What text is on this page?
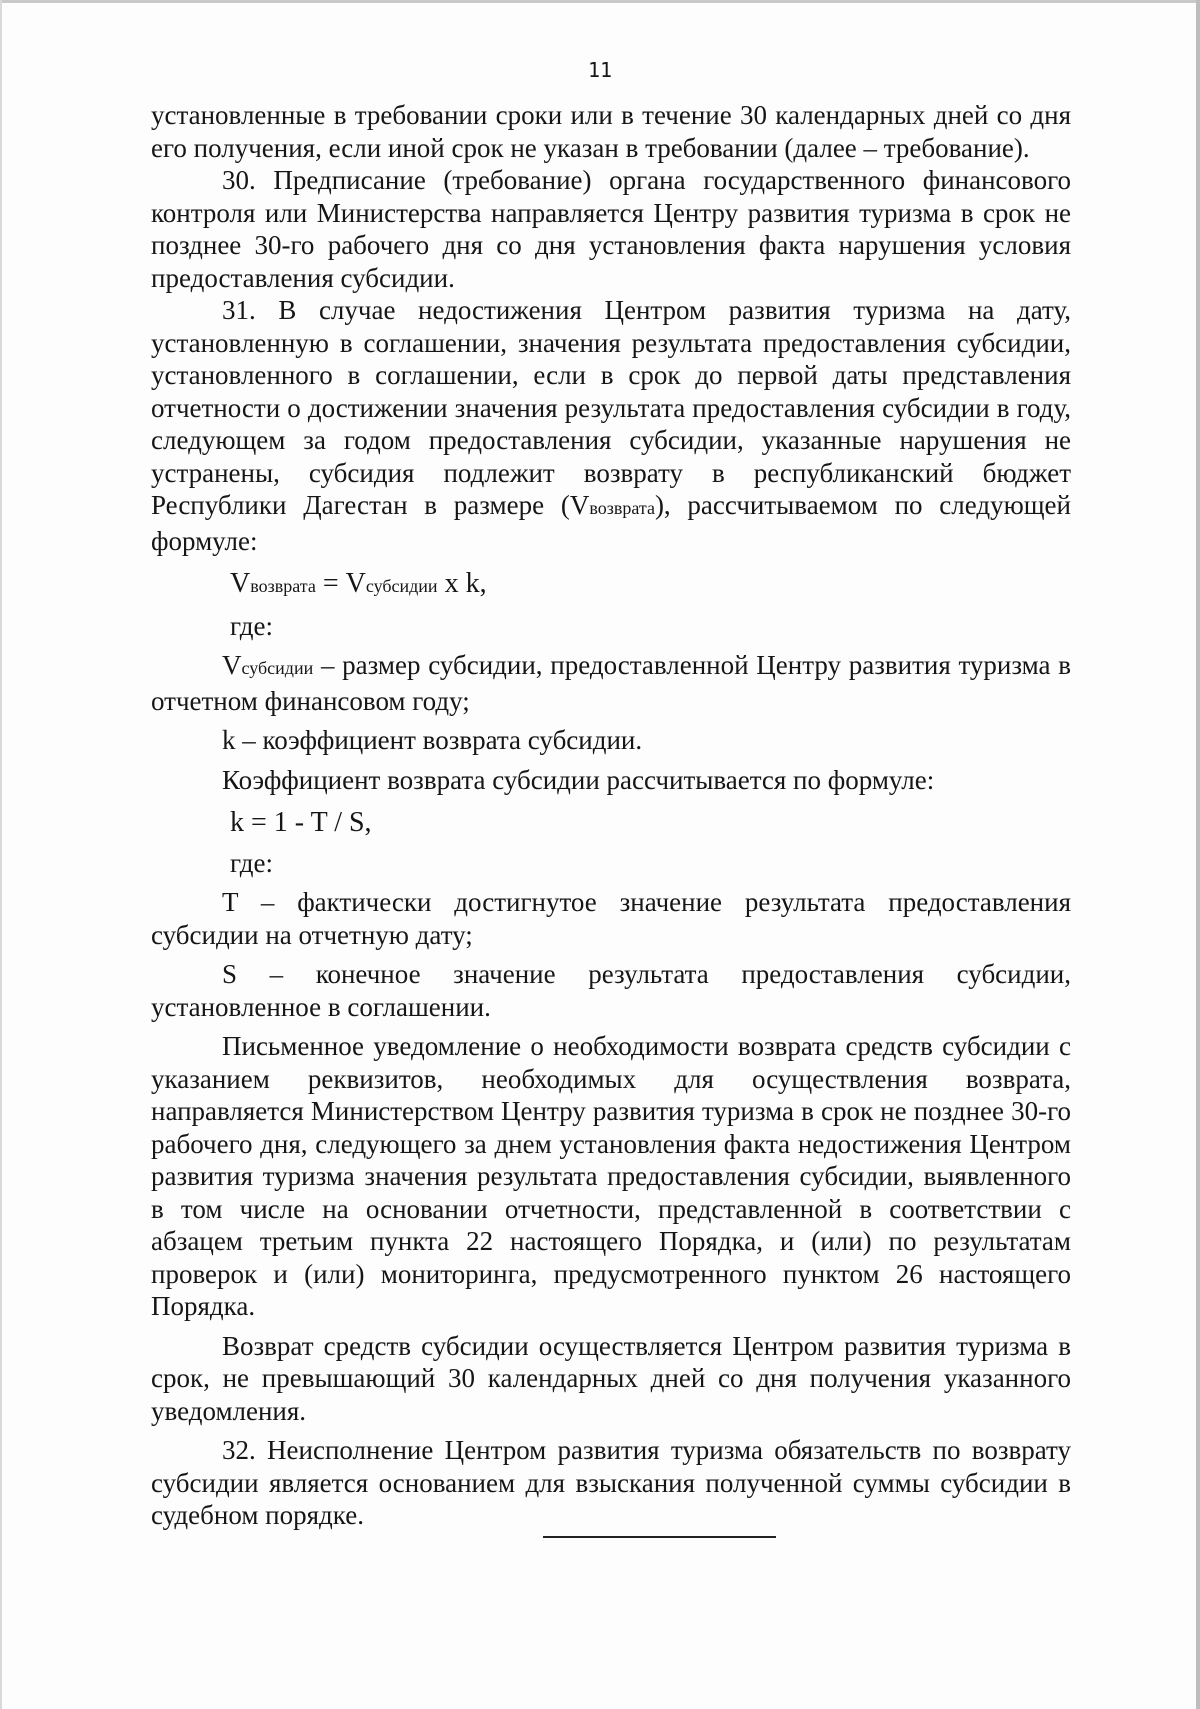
11

установленные в требовании сроки или в течение 30 календарных дней со дня его получения, если иной срок не указан в требовании (далее – требование).

30. Предписание (требование) органа государственного финансового контроля или Министерства направляется Центру развития туризма в срок не позднее 30-го рабочего дня со дня установления факта нарушения условия предоставления субсидии.

31. В случае недостижения Центром развития туризма на дату, установленную в соглашении, значения результата предоставления субсидии, установленного в соглашении, если в срок до первой даты представления отчетности о достижении значения результата предоставления субсидии в году, следующем за годом предоставления субсидии, указанные нарушения не устранены, субсидия подлежит возврату в республиканский бюджет Республики Дагестан в размере (Vвозврата), рассчитываемом по следующей формуле:

Vвозврата = Vсубсидии x k,

где:

Vсубсидии – размер субсидии, предоставленной Центру развития туризма в отчетном финансовом году;

k – коэффициент возврата субсидии.

Коэффициент возврата субсидии рассчитывается по формуле:

k = 1 - T / S,

где:

T – фактически достигнутое значение результата предоставления субсидии на отчетную дату;

S – конечное значение результата предоставления субсидии, установленное в соглашении.

Письменное уведомление о необходимости возврата средств субсидии с указанием реквизитов, необходимых для осуществления возврата, направляется Министерством Центру развития туризма в срок не позднее 30-го рабочего дня, следующего за днем установления факта недостижения Центром развития туризма значения результата предоставления субсидии, выявленного в том числе на основании отчетности, представленной в соответствии с абзацем третьим пункта 22 настоящего Порядка, и (или) по результатам проверок и (или) мониторинга, предусмотренного пунктом 26 настоящего Порядка.

Возврат средств субсидии осуществляется Центром развития туризма в срок, не превышающий 30 календарных дней со дня получения указанного уведомления.

32. Неисполнение Центром развития туризма обязательств по возврату субсидии является основанием для взыскания полученной суммы субсидии в судебном порядке.
